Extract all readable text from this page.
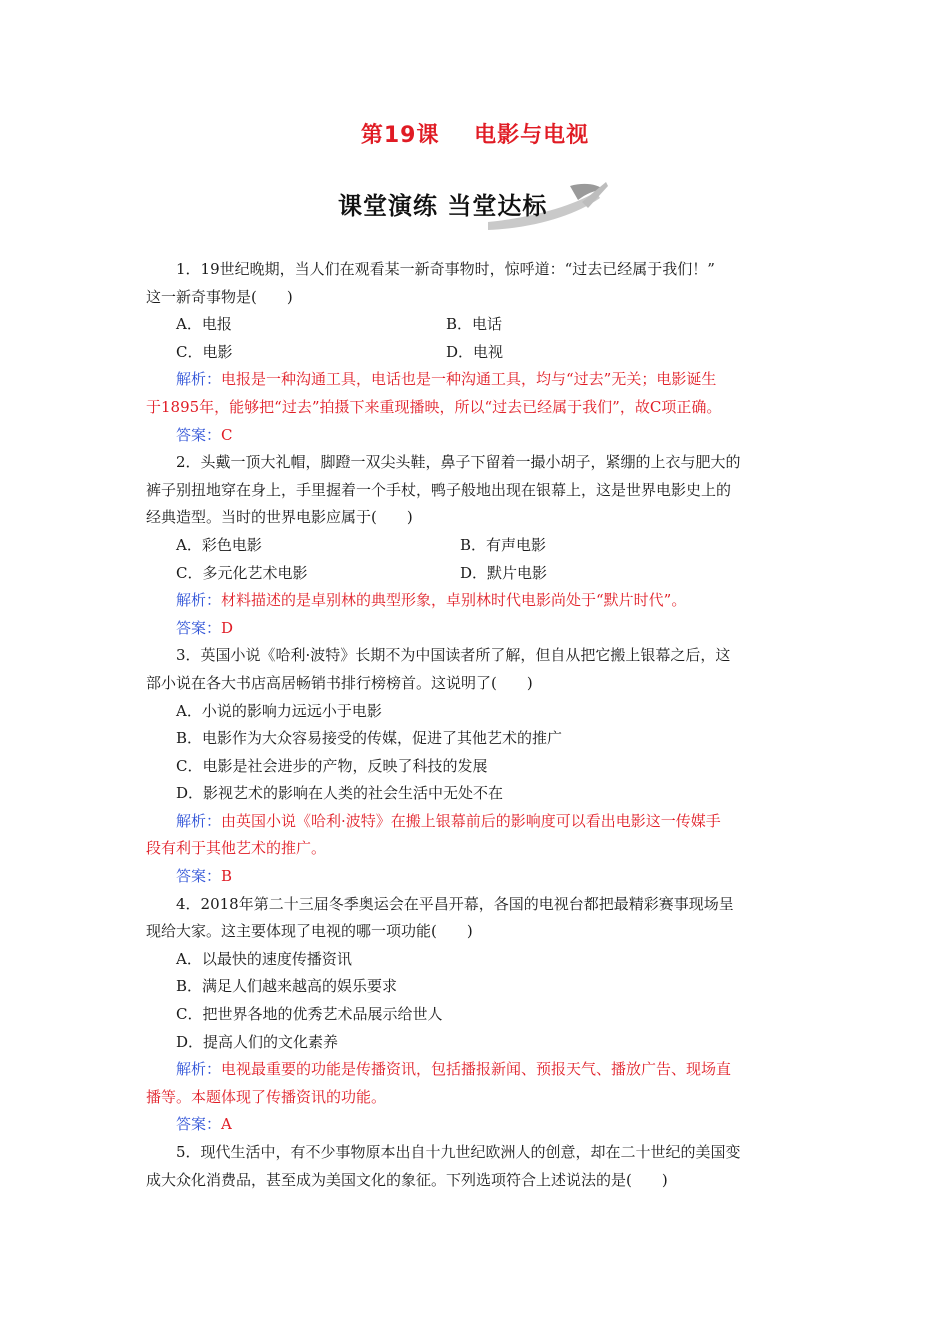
第19课 电影与电视
课堂演练 当堂达标

1．19世纪晚期，当人们在观看某一新奇事物时，惊呼道：“过去已经属于我们！”

这一新奇事物是(　　)

A．电报	B．电话
C．电影	D．电视

解析：电报是一种沟通工具，电话也是一种沟通工具，均与“过去”无关；电影诞生

于1895年，能够把“过去”拍摄下来重现播映，所以“过去已经属于我们”，故C项正确。

答案：C

2．头戴一顶大礼帽，脚蹬一双尖头鞋，鼻子下留着一撮小胡子，紧绷的上衣与肥大的

裤子别扭地穿在身上，手里握着一个手杖，鸭子般地出现在银幕上，这是世界电影史上的

经典造型。当时的世界电影应属于(　　)

A．彩色电影	B．有声电影
C．多元化艺术电影	D．默片电影

解析：材料描述的是卓别林的典型形象，卓别林时代电影尚处于“默片时代”。

答案：D

3．英国小说《哈利·波特》长期不为中国读者所了解，但自从把它搬上银幕之后，这

部小说在各大书店高居畅销书排行榜榜首。这说明了(　　)

A．小说的影响力远远小于电影

B．电影作为大众容易接受的传媒，促进了其他艺术的推广

C．电影是社会进步的产物，反映了科技的发展

D．影视艺术的影响在人类的社会生活中无处不在

解析：由英国小说《哈利·波特》在搬上银幕前后的影响度可以看出电影这一传媒手

段有利于其他艺术的推广。

答案：B

4．2018年第二十三届冬季奥运会在平昌开幕，各国的电视台都把最精彩赛事现场呈

现给大家。这主要体现了电视的哪一项功能(　　)

A．以最快的速度传播资讯

B．满足人们越来越高的娱乐要求

C．把世界各地的优秀艺术品展示给世人

D．提高人们的文化素养

解析：电视最重要的功能是传播资讯，包括播报新闻、预报天气、播放广告、现场直

播等。本题体现了传播资讯的功能。

答案：A

5．现代生活中，有不少事物原本出自十九世纪欧洲人的创意，却在二十世纪的美国变

成大众化消费品，甚至成为美国文化的象征。下列选项符合上述说法的是(　　)
